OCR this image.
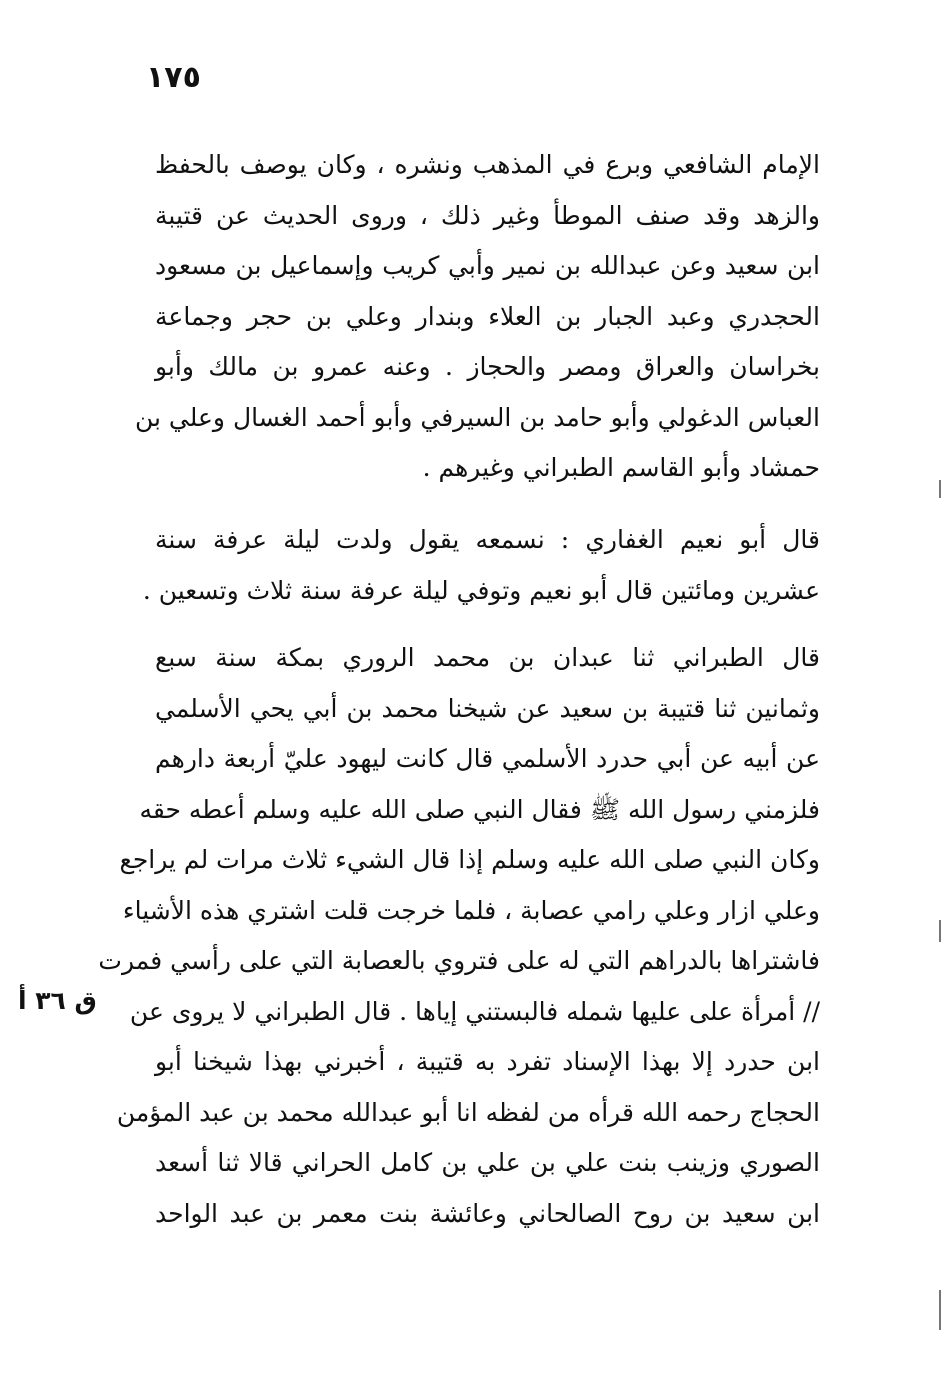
١٧٥
الإمام الشافعي وبرع في المذهب ونشره ، وكان يوصف بالحفظ
والزهد وقد صنف الموطأ وغير ذلك ، وروى الحديث عن قتيبة
ابن سعيد وعن عبدالله بن نمير وأبي كريب وإسماعيل بن مسعود
الحجدري وعبد الجبار بن العلاء وبندار وعلي بن حجر وجماعة
بخراسان والعراق ومصر والحجاز . وعنه عمرو بن مالك وأبو
العباس الدغولي وأبو حامد بن السيرفي وأبو أحمد الغسال وعلي بن
حمشاد وأبو القاسم الطبراني وغيرهم .
قال أبو نعيم الغفاري : نسمعه يقول ولدت ليلة عرفة سنة
عشرين ومائتين قال أبو نعيم وتوفي ليلة عرفة سنة ثلاث وتسعين .
قال الطبراني ثنا عبدان بن محمد الروري بمكة سنة سبع
وثمانين ثنا قتيبة بن سعيد عن شيخنا محمد بن أبي يحي الأسلمي
عن أبيه عن أبي حدرد الأسلمي قال كانت ليهود عليّ أربعة دارهم
فلزمني رسول الله ﷺ فقال النبي صلى الله عليه وسلم أعطه حقه
وكان النبي صلى الله عليه وسلم إذا قال الشيء ثلاث مرات لم يراجع
وعلي ازار وعلي رامي عصابة ، فلما خرجت قلت اشتري هذه الأشياء
فاشتراها بالدراهم التي له على فتروي بالعصابة التي على رأسي فمرت
// أمرأة على عليها شمله فالبستني إياها . قال الطبراني لا يروى عن
ابن حدرد إلا بهذا الإسناد تفرد به قتيبة ، أخبرني بهذا شيخنا أبو
الحجاج رحمه الله قرأه من لفظه انا أبو عبدالله محمد بن عبد المؤمن
الصوري وزينب بنت علي بن علي بن كامل الحراني قالا ثنا أسعد
ابن سعيد بن روح الصالحاني وعائشة بنت معمر بن عبد الواحد
ق ٣٦ أ
